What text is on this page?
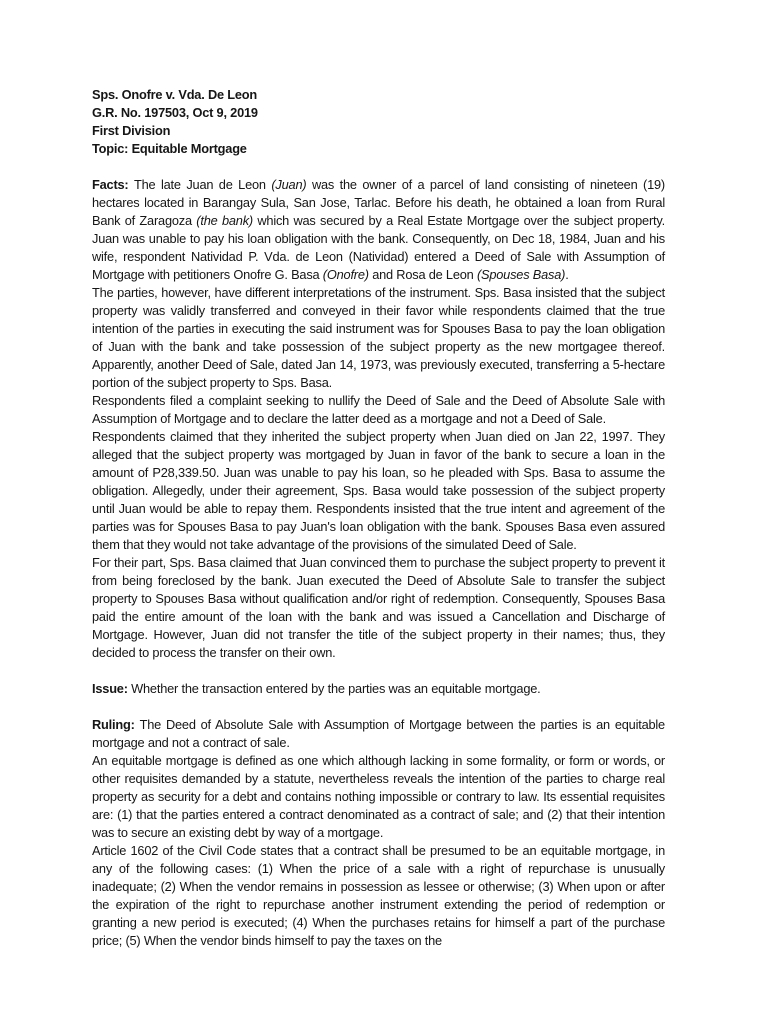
Sps. Onofre v. Vda. De Leon
G.R. No. 197503, Oct 9, 2019
First Division
Topic: Equitable Mortgage

Facts: The late Juan de Leon (Juan) was the owner of a parcel of land consisting of nineteen (19) hectares located in Barangay Sula, San Jose, Tarlac. Before his death, he obtained a loan from Rural Bank of Zaragoza (the bank) which was secured by a Real Estate Mortgage over the subject property. Juan was unable to pay his loan obligation with the bank. Consequently, on Dec 18, 1984, Juan and his wife, respondent Natividad P. Vda. de Leon (Natividad) entered a Deed of Sale with Assumption of Mortgage with petitioners Onofre G. Basa (Onofre) and Rosa de Leon (Spouses Basa).

The parties, however, have different interpretations of the instrument. Sps. Basa insisted that the subject property was validly transferred and conveyed in their favor while respondents claimed that the true intention of the parties in executing the said instrument was for Spouses Basa to pay the loan obligation of Juan with the bank and take possession of the subject property as the new mortgagee thereof. Apparently, another Deed of Sale, dated Jan 14, 1973, was previously executed, transferring a 5-hectare portion of the subject property to Sps. Basa.

Respondents filed a complaint seeking to nullify the Deed of Sale and the Deed of Absolute Sale with Assumption of Mortgage and to declare the latter deed as a mortgage and not a Deed of Sale.

Respondents claimed that they inherited the subject property when Juan died on Jan 22, 1997. They alleged that the subject property was mortgaged by Juan in favor of the bank to secure a loan in the amount of P28,339.50. Juan was unable to pay his loan, so he pleaded with Sps. Basa to assume the obligation. Allegedly, under their agreement, Sps. Basa would take possession of the subject property until Juan would be able to repay them. Respondents insisted that the true intent and agreement of the parties was for Spouses Basa to pay Juan's loan obligation with the bank. Spouses Basa even assured them that they would not take advantage of the provisions of the simulated Deed of Sale.

For their part, Sps. Basa claimed that Juan convinced them to purchase the subject property to prevent it from being foreclosed by the bank. Juan executed the Deed of Absolute Sale to transfer the subject property to Spouses Basa without qualification and/or right of redemption. Consequently, Spouses Basa paid the entire amount of the loan with the bank and was issued a Cancellation and Discharge of Mortgage. However, Juan did not transfer the title of the subject property in their names; thus, they decided to process the transfer on their own.

Issue: Whether the transaction entered by the parties was an equitable mortgage.

Ruling: The Deed of Absolute Sale with Assumption of Mortgage between the parties is an equitable mortgage and not a contract of sale.

An equitable mortgage is defined as one which although lacking in some formality, or form or words, or other requisites demanded by a statute, nevertheless reveals the intention of the parties to charge real property as security for a debt and contains nothing impossible or contrary to law. Its essential requisites are: (1) that the parties entered a contract denominated as a contract of sale; and (2) that their intention was to secure an existing debt by way of a mortgage.

Article 1602 of the Civil Code states that a contract shall be presumed to be an equitable mortgage, in any of the following cases: (1) When the price of a sale with a right of repurchase is unusually inadequate; (2) When the vendor remains in possession as lessee or otherwise; (3) When upon or after the expiration of the right to repurchase another instrument extending the period of redemption or granting a new period is executed; (4) When the purchases retains for himself a part of the purchase price; (5) When the vendor binds himself to pay the taxes on the
